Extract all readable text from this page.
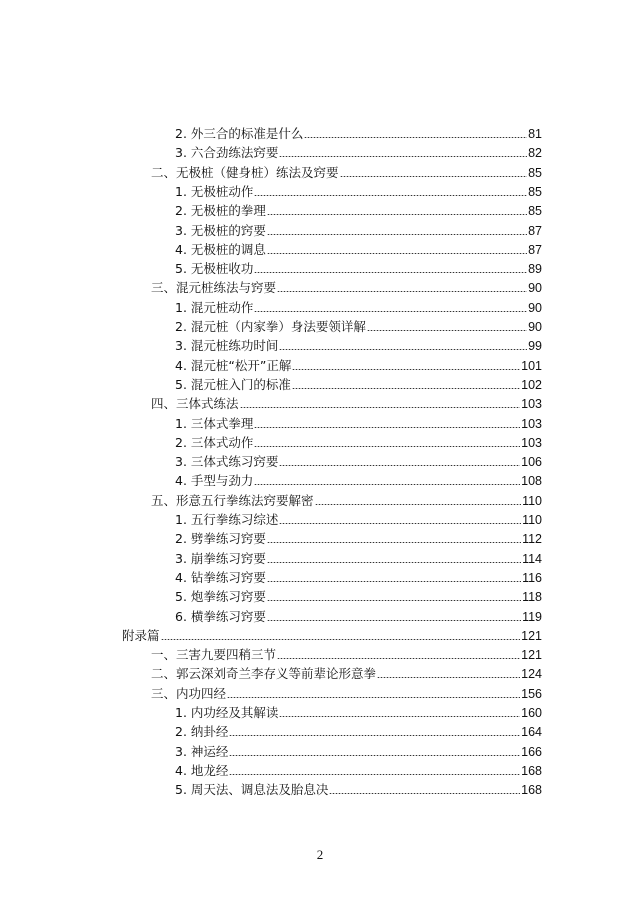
2. 外三合的标准是什么	81
3. 六合劲练法窍要	82
二、无极桩（健身桩）练法及窍要	85
1. 无极桩动作	85
2. 无极桩的拳理	85
3. 无极桩的窍要	87
4. 无极桩的调息	87
5. 无极桩收功	89
三、混元桩练法与窍要	90
1. 混元桩动作	90
2. 混元桩（内家拳）身法要领详解	90
3. 混元桩练功时间	99
4. 混元桩“松开”正解	101
5. 混元桩入门的标准	102
四、三体式练法	103
1. 三体式拳理	103
2. 三体式动作	103
3. 三体式练习窍要	106
4. 手型与劲力	108
五、形意五行拳练法窍要解密	110
1. 五行拳练习综述	110
2. 劈拳练习窍要	112
3. 崩拳练习窍要	114
4. 钻拳练习窍要	116
5. 炮拳练习窍要	118
6. 横拳练习窍要	119
附录篇	121
一、三害九要四稍三节	121
二、郭云深刘奇兰李存义等前辈论形意拳	124
三、内功四经	156
1. 内功经及其解读	160
2. 纳卦经	164
3. 神运经	166
4. 地龙经	168
5. 周天法、调息法及胎息决	168
2
